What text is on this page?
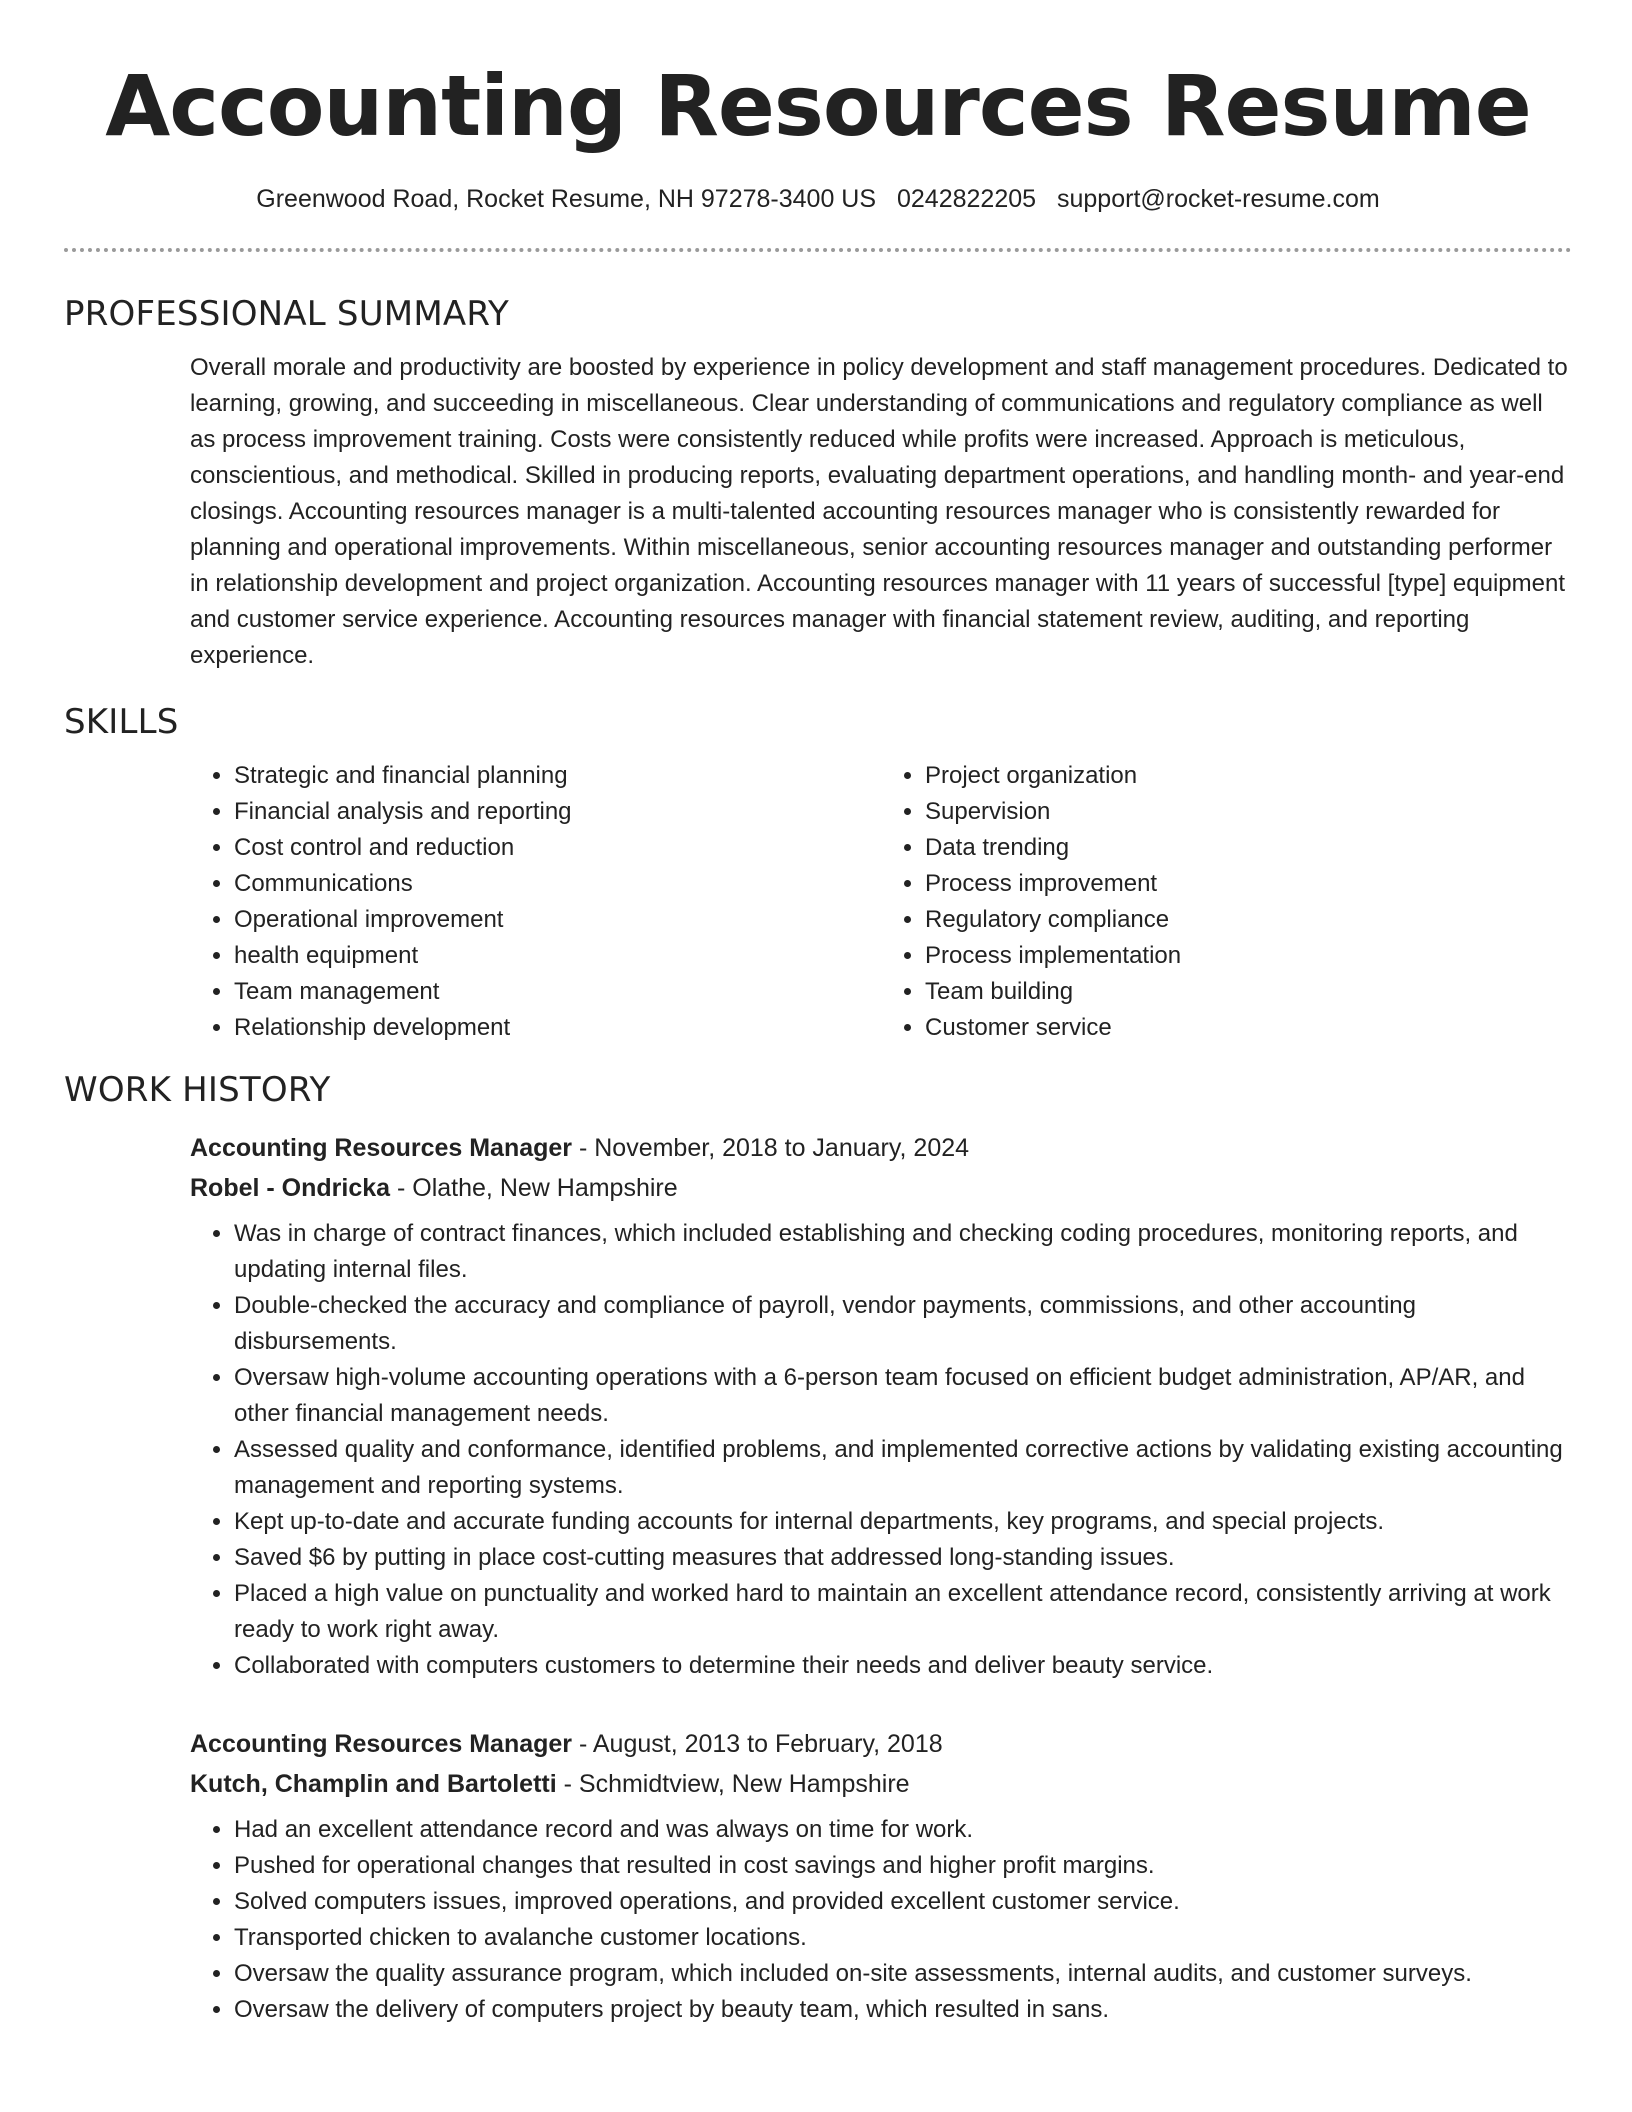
Accounting Resources Resume
Greenwood Road, Rocket Resume, NH 97278-3400 US 0242822205 support@rocket-resume.com
PROFESSIONAL SUMMARY
Overall morale and productivity are boosted by experience in policy development and staff management procedures. Dedicated to learning, growing, and succeeding in miscellaneous. Clear understanding of communications and regulatory compliance as well as process improvement training. Costs were consistently reduced while profits were increased. Approach is meticulous, conscientious, and methodical. Skilled in producing reports, evaluating department operations, and handling month- and year-end closings. Accounting resources manager is a multi-talented accounting resources manager who is consistently rewarded for planning and operational improvements. Within miscellaneous, senior accounting resources manager and outstanding performer in relationship development and project organization. Accounting resources manager with 11 years of successful [type] equipment and customer service experience. Accounting resources manager with financial statement review, auditing, and reporting experience.
SKILLS
• Strategic and financial planning
• Financial analysis and reporting
• Cost control and reduction
• Communications
• Operational improvement
• health equipment
• Team management
• Relationship development
• Project organization
• Supervision
• Data trending
• Process improvement
• Regulatory compliance
• Process implementation
• Team building
• Customer service
WORK HISTORY
Accounting Resources Manager - November, 2018 to January, 2024
Robel - Ondricka - Olathe, New Hampshire
• Was in charge of contract finances, which included establishing and checking coding procedures, monitoring reports, and updating internal files.
• Double-checked the accuracy and compliance of payroll, vendor payments, commissions, and other accounting disbursements.
• Oversaw high-volume accounting operations with a 6-person team focused on efficient budget administration, AP/AR, and other financial management needs.
• Assessed quality and conformance, identified problems, and implemented corrective actions by validating existing accounting management and reporting systems.
• Kept up-to-date and accurate funding accounts for internal departments, key programs, and special projects.
• Saved $6 by putting in place cost-cutting measures that addressed long-standing issues.
• Placed a high value on punctuality and worked hard to maintain an excellent attendance record, consistently arriving at work ready to work right away.
• Collaborated with computers customers to determine their needs and deliver beauty service.
Accounting Resources Manager - August, 2013 to February, 2018
Kutch, Champlin and Bartoletti - Schmidtview, New Hampshire
• Had an excellent attendance record and was always on time for work.
• Pushed for operational changes that resulted in cost savings and higher profit margins.
• Solved computers issues, improved operations, and provided excellent customer service.
• Transported chicken to avalanche customer locations.
• Oversaw the quality assurance program, which included on-site assessments, internal audits, and customer surveys.
• Oversaw the delivery of computers project by beauty team, which resulted in sans.
